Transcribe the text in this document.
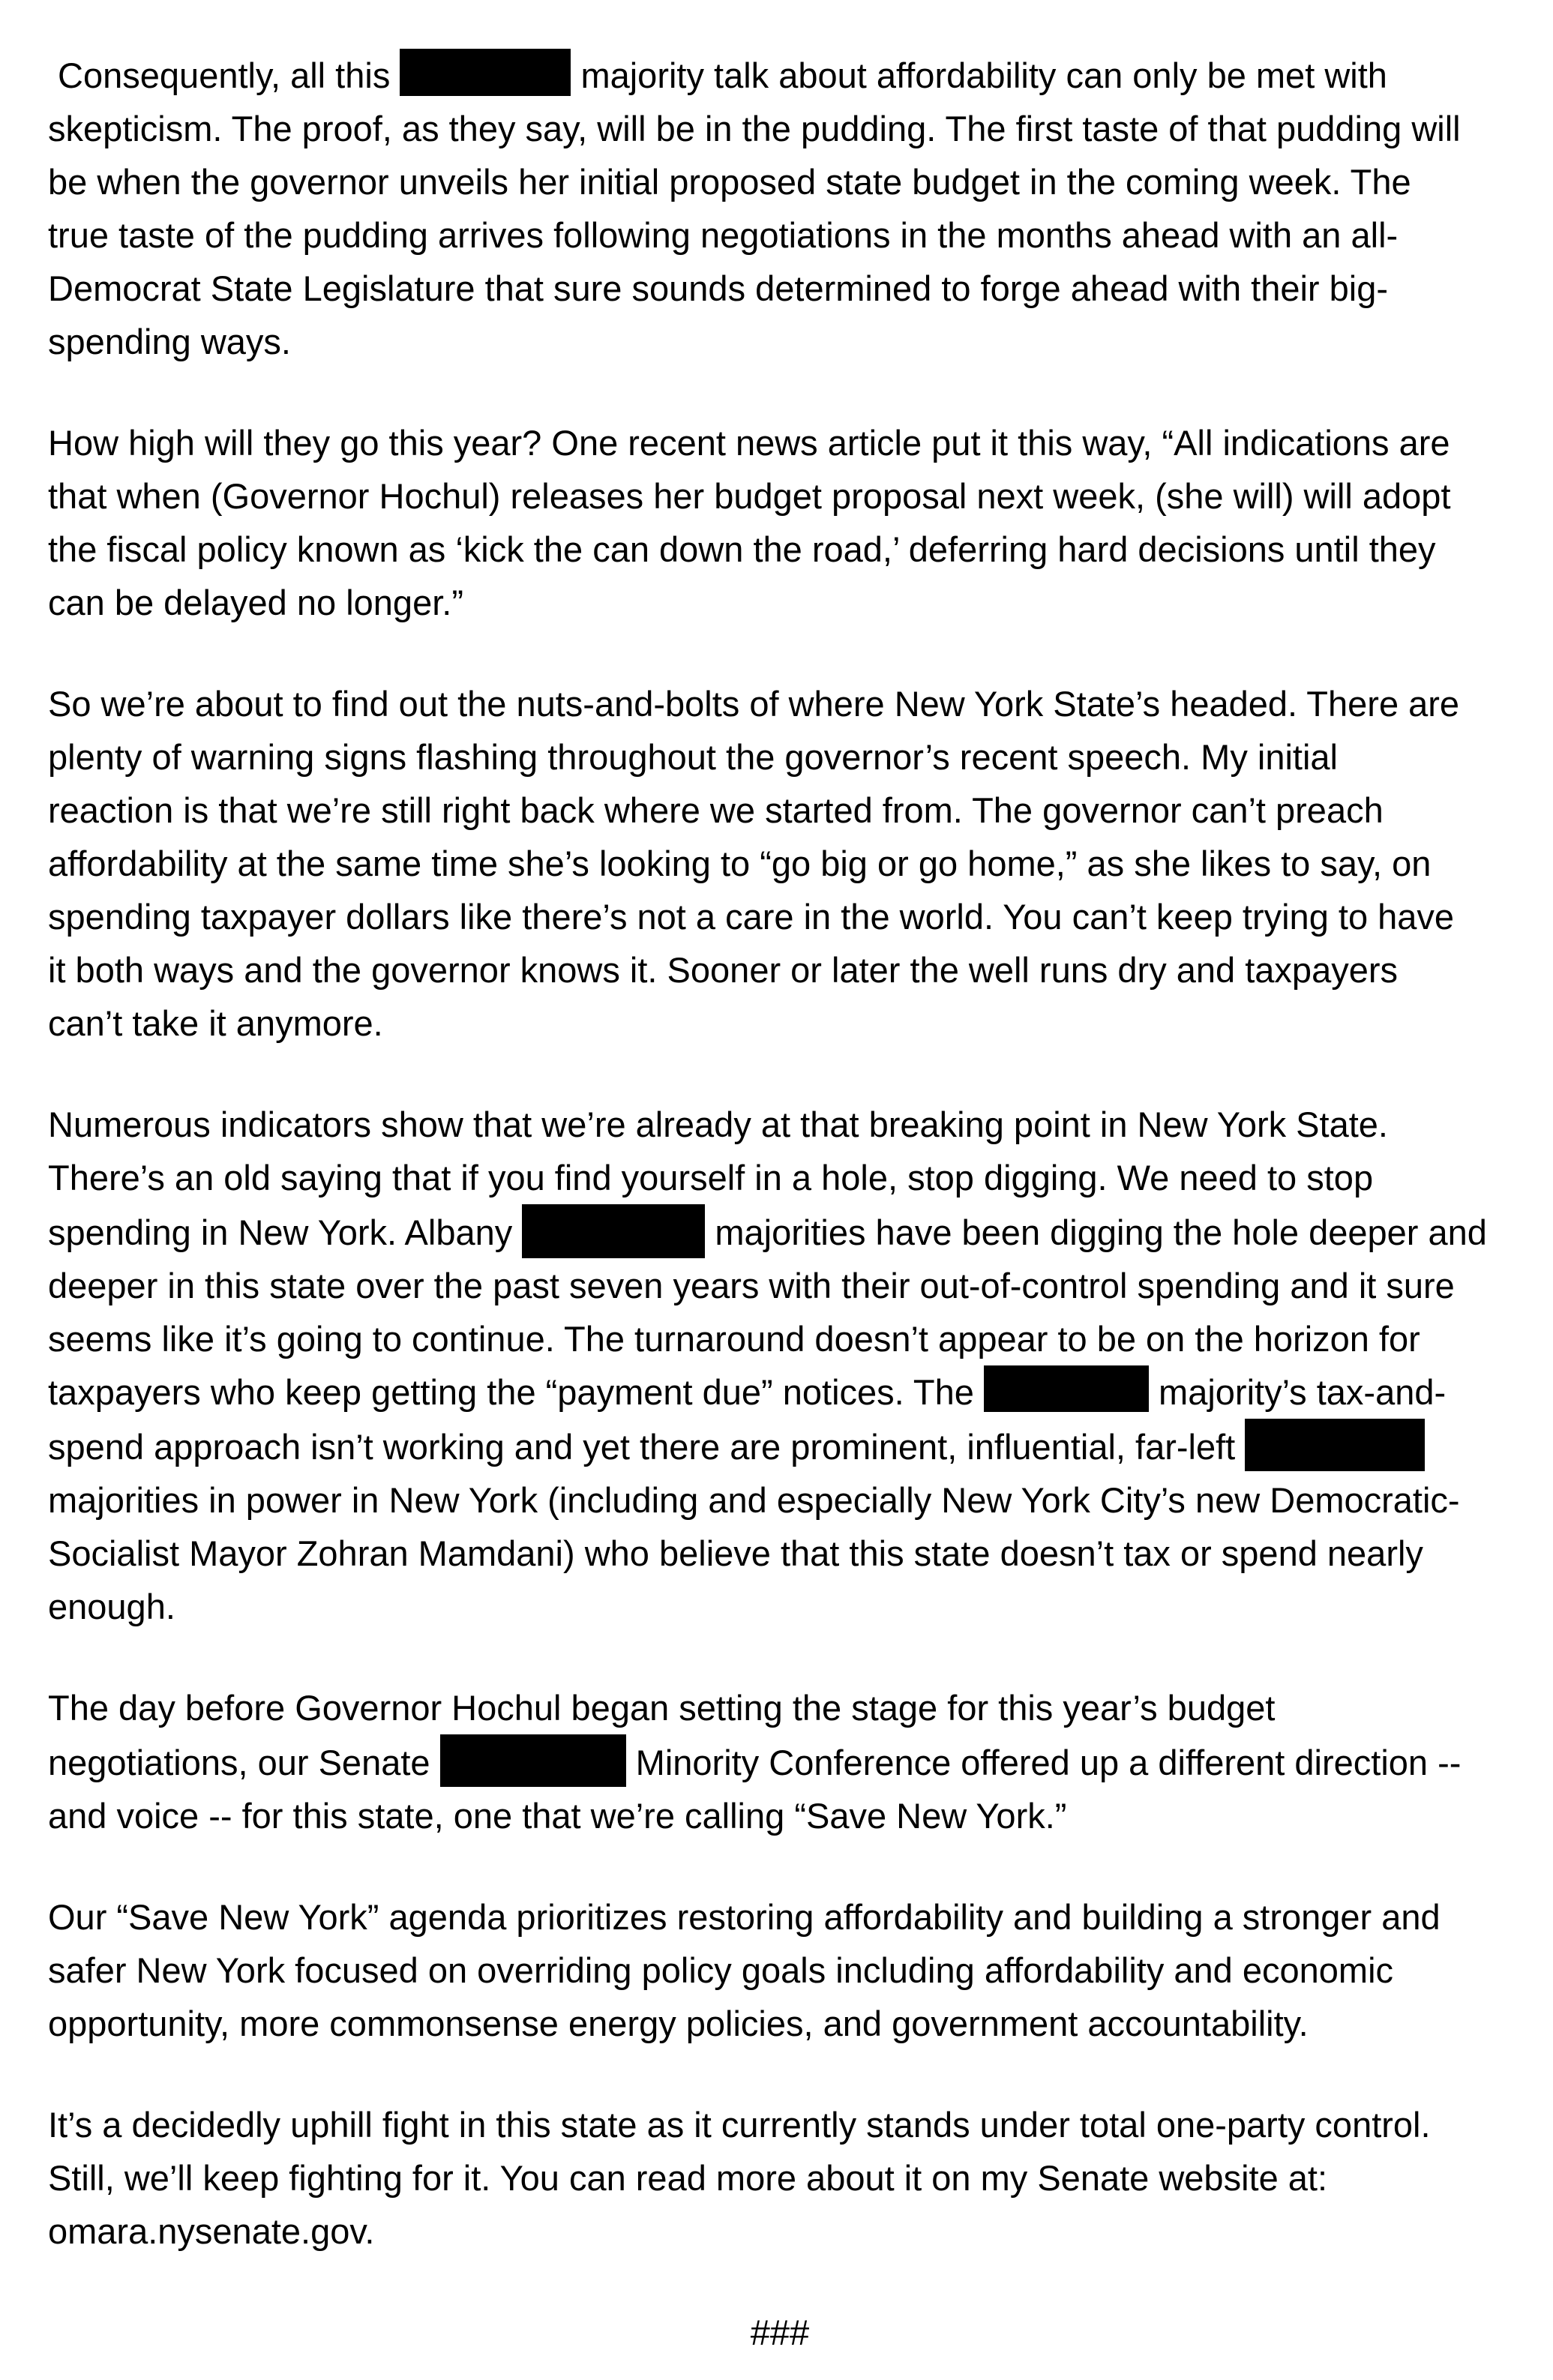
Consequently, all this	majority talk about affordability can only be met with
skepticism. The proof, as they say, will be in the pudding. The first taste of that pudding will
be when the governor unveils her initial proposed state budget in the coming week. The
true taste of the pudding arrives following negotiations in the months ahead with an all-
Democrat State Legislature that sure sounds determined to forge ahead with their big-
spending ways.
How high will they go this year? One recent news article put it this way, “All indications are
that when (Governor Hochul) releases her budget proposal next week, (she will) will adopt
the fiscal policy known as ‘kick the can down the road,’ deferring hard decisions until they
can be delayed no longer.”
So we’re about to find out the nuts-and-bolts of where New York State’s headed. There are
plenty of warning signs flashing throughout the governor’s recent speech. My initial
reaction is that we’re still right back where we started from. The governor can’t preach
affordability at the same time she’s looking to “go big or go home,” as she likes to say, on
spending taxpayer dollars like there’s not a care in the world. You can’t keep trying to have
it both ways and the governor knows it. Sooner or later the well runs dry and taxpayers
can’t take it anymore.
Numerous indicators show that we’re already at that breaking point in New York State.
There’s an old saying that if you find yourself in a hole, stop digging. We need to stop
spending in New York. Albany	majorities have been digging the hole deeper and
deeper in this state over the past seven years with their out-of-control spending and it sure
seems like it’s going to continue. The turnaround doesn’t appear to be on the horizon for
taxpayers who keep getting the “payment due” notices. The	majority’s tax-and-
spend approach isn’t working and yet there are prominent, influential, far-left
majorities in power in New York (including and especially New York City’s new Democratic-
Socialist Mayor Zohran Mamdani) who believe that this state doesn’t tax or spend nearly
enough.
The day before Governor Hochul began setting the stage for this year’s budget
negotiations, our Senate	Minority Conference offered up a different direction --
and voice -- for this state, one that we’re calling “Save New York.”
Our “Save New York” agenda prioritizes restoring affordability and building a stronger and
safer New York focused on overriding policy goals including affordability and economic
opportunity, more commonsense energy policies, and government accountability.
It’s a decidedly uphill fight in this state as it currently stands under total one-party control.
Still, we’ll keep fighting for it. You can read more about it on my Senate website at:
omara.nysenate.gov.
###
